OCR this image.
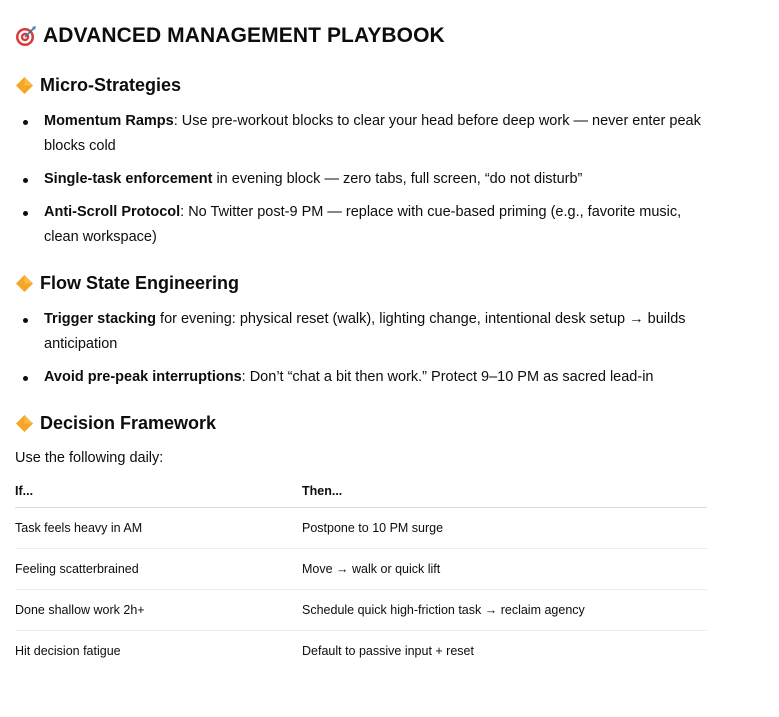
ADVANCED MANAGEMENT PLAYBOOK
Micro-Strategies
Momentum Ramps: Use pre-workout blocks to clear your head before deep work — never enter peak blocks cold
Single-task enforcement in evening block — zero tabs, full screen, “do not disturb”
Anti-Scroll Protocol: No Twitter post-9 PM — replace with cue-based priming (e.g., favorite music, clean workspace)
Flow State Engineering
Trigger stacking for evening: physical reset (walk), lighting change, intentional desk setup → builds anticipation
Avoid pre-peak interruptions: Don’t “chat a bit then work.” Protect 9–10 PM as sacred lead-in
Decision Framework

Use the following daily:

If...	Then...
Task feels heavy in AM	Postpone to 10 PM surge
Feeling scatterbrained	Move → walk or quick lift
Done shallow work 2h+	Schedule quick high-friction task → reclaim agency
Hit decision fatigue	Default to passive input + reset
